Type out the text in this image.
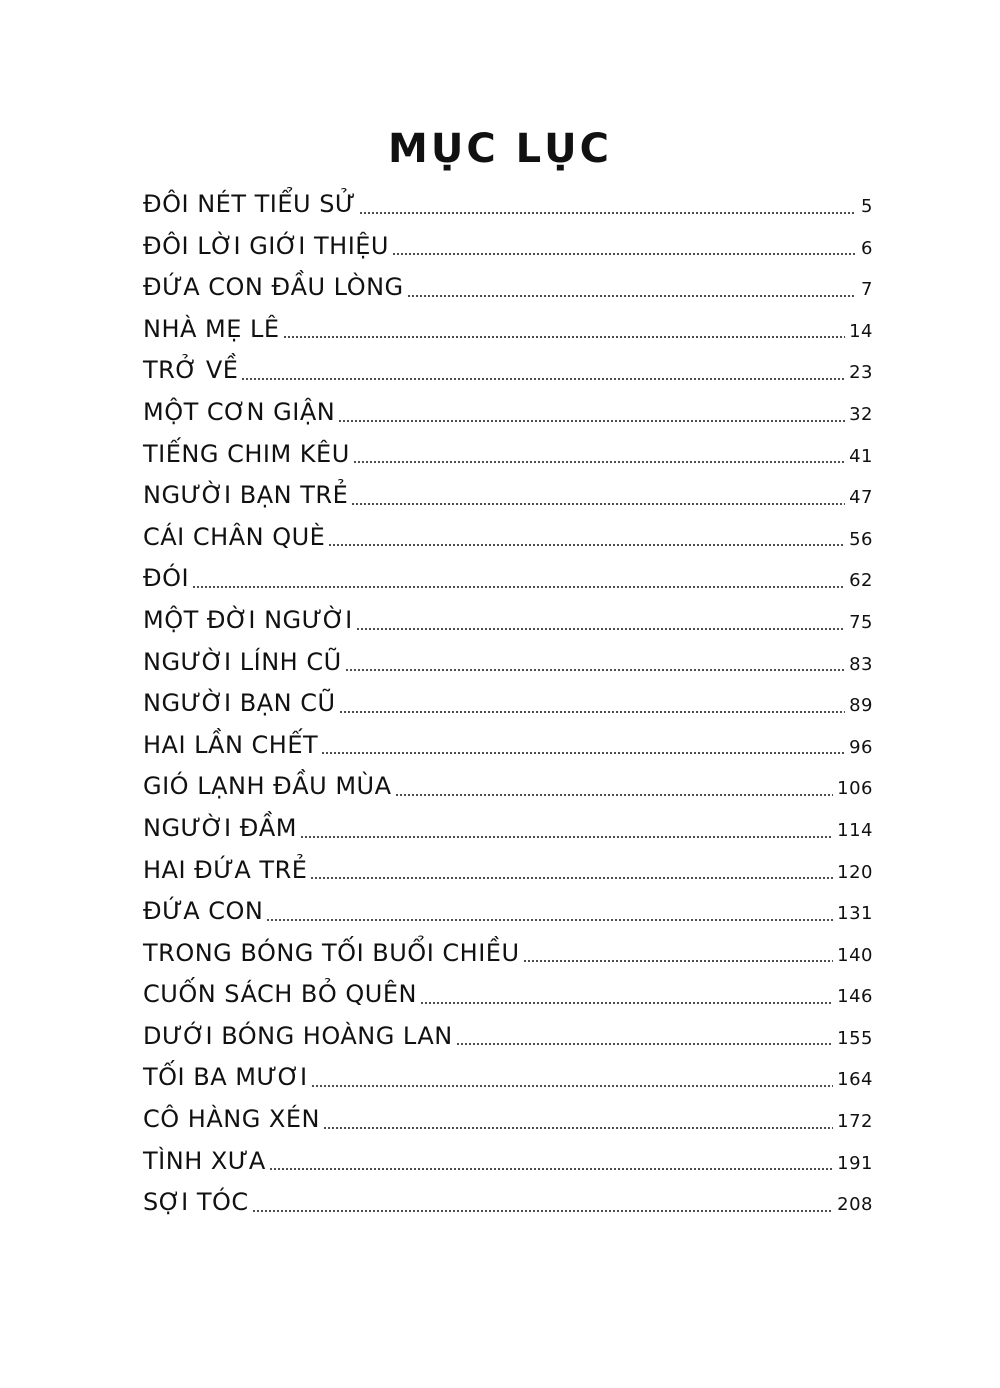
MỤC LỤC
ĐÔI NÉT TIỂU SỬ	5
ĐÔI LỜI GIỚI THIỆU	6
ĐỨA CON ĐẦU LÒNG	7
NHÀ MẸ LÊ	14
TRỞ VỀ	23
MỘT CƠN GIẬN	32
TIẾNG CHIM KÊU	41
NGƯỜI BẠN TRẺ	47
CÁI CHÂN QUÈ	56
ĐÓI	62
MỘT ĐỜI NGƯỜI	75
NGƯỜI LÍNH CŨ	83
NGƯỜI BẠN CŨ	89
HAI LẦN CHẾT	96
GIÓ LẠNH ĐẦU MÙA	106
NGƯỜI ĐẦM	114
HAI ĐỨA TRẺ	120
ĐỨA CON	131
TRONG BÓNG TỐI BUỔI CHIỀU	140
CUỐN SÁCH BỎ QUÊN	146
DƯỚI BÓNG HOÀNG LAN	155
TỐI BA MƯƠI	164
CÔ HÀNG XÉN	172
TÌNH XƯA	191
SỢI TÓC	208
